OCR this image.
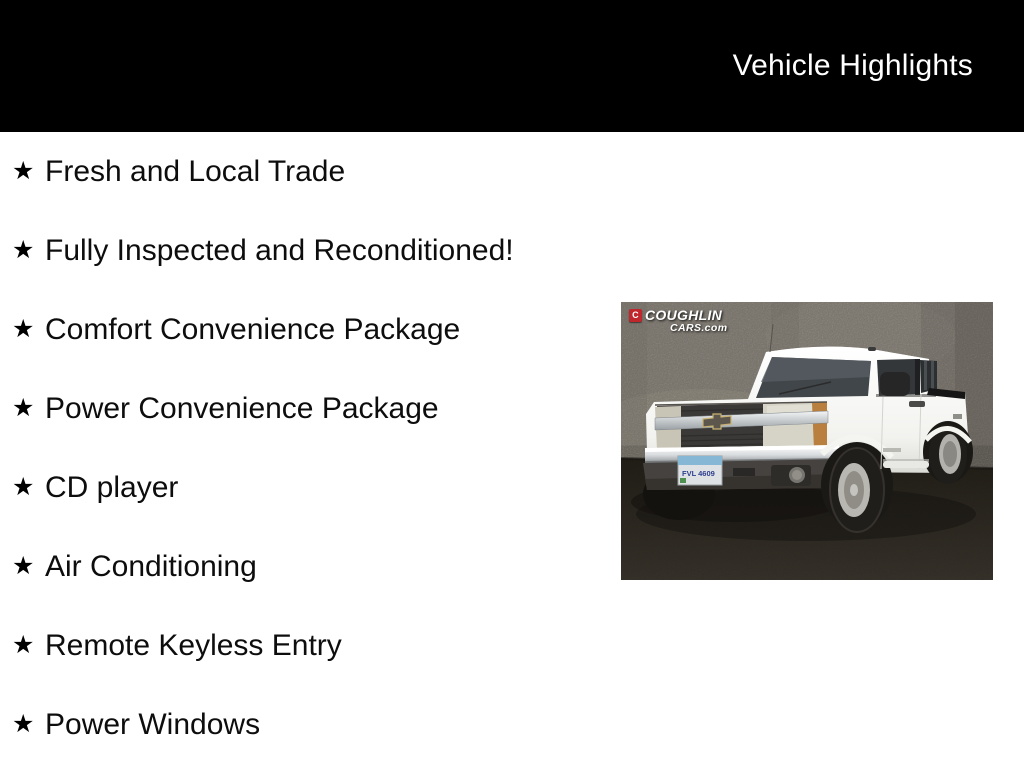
Vehicle Highlights
★ Fresh and Local Trade
★ Fully Inspected and Reconditioned!
★ Comfort Convenience Package
★ Power Convenience Package
★ CD player
★ Air Conditioning
★ Remote Keyless Entry
★ Power Windows
C COUGHLIN
CARS.com
FVL 4609
